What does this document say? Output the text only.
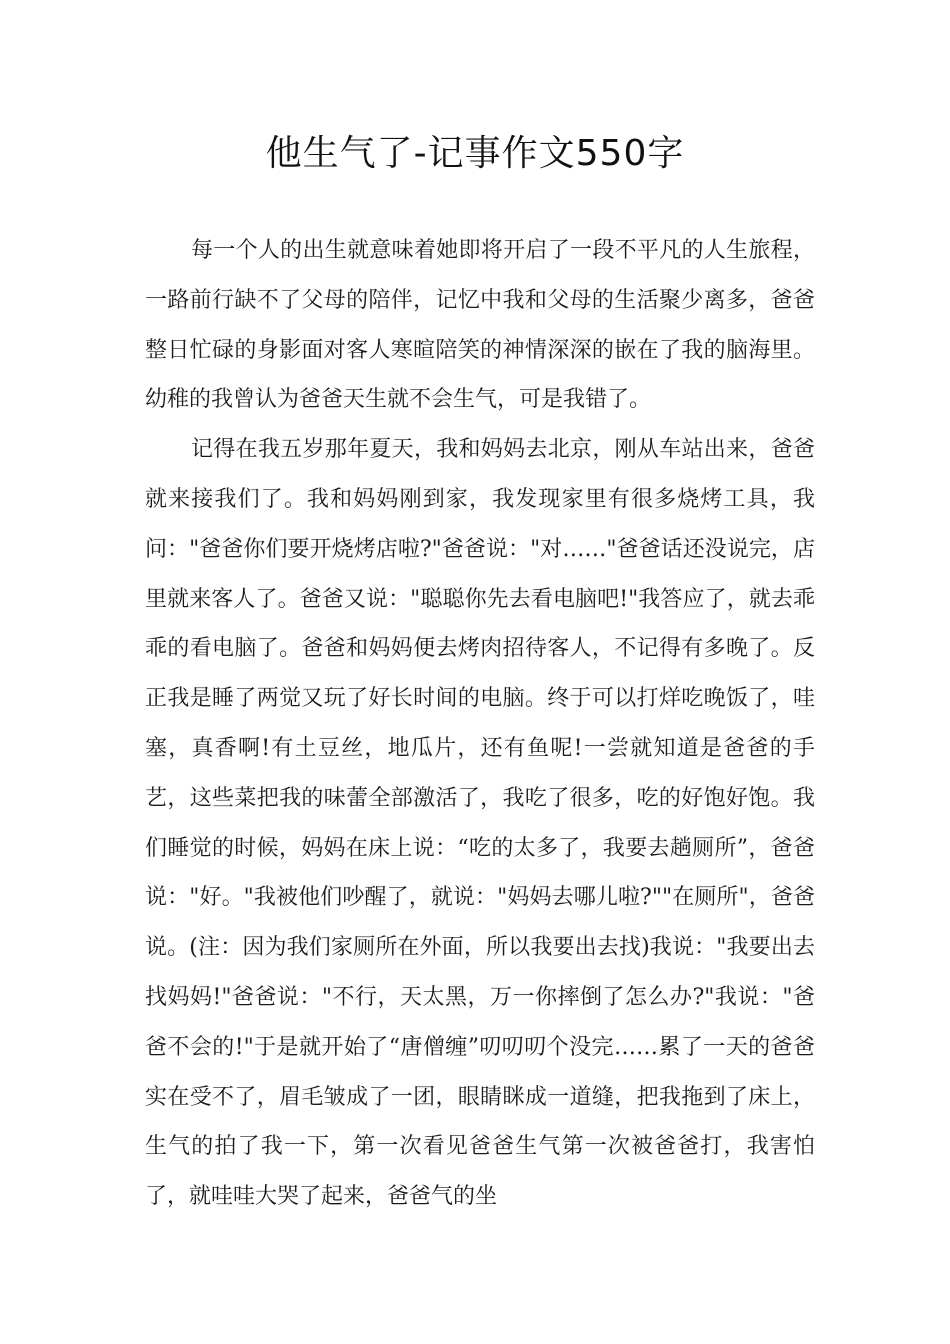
他生气了-记事作文550字

每一个人的出生就意味着她即将开启了一段不平凡的人生旅程，一路前行缺不了父母的陪伴，记忆中我和父母的生活聚少离多，爸爸整日忙碌的身影面对客人寒暄陪笑的神情深深的嵌在了我的脑海里。幼稚的我曾认为爸爸天生就不会生气，可是我错了。

记得在我五岁那年夏天，我和妈妈去北京，刚从车站出来，爸爸就来接我们了。我和妈妈刚到家，我发现家里有很多烧烤工具，我问："爸爸你们要开烧烤店啦?"爸爸说："对……"爸爸话还没说完，店里就来客人了。爸爸又说："聪聪你先去看电脑吧!"我答应了，就去乖乖的看电脑了。爸爸和妈妈便去烤肉招待客人，不记得有多晚了。反正我是睡了两觉又玩了好长时间的电脑。终于可以打烊吃晚饭了，哇塞，真香啊!有土豆丝，地瓜片，还有鱼呢!一尝就知道是爸爸的手艺，这些菜把我的味蕾全部激活了，我吃了很多，吃的好饱好饱。我们睡觉的时候，妈妈在床上说：“吃的太多了，我要去趟厕所”，爸爸说："好。"我被他们吵醒了，就说："妈妈去哪儿啦?""在厕所"，爸爸说。(注：因为我们家厕所在外面，所以我要出去找)我说："我要出去找妈妈!"爸爸说："不行，天太黑，万一你摔倒了怎么办?"我说："爸爸不会的!"于是就开始了“唐僧缠”叨叨叨个没完……累了一天的爸爸实在受不了，眉毛皱成了一团，眼睛眯成一道缝，把我拖到了床上，生气的拍了我一下，第一次看见爸爸生气第一次被爸爸打，我害怕了，就哇哇大哭了起来，爸爸气的坐
